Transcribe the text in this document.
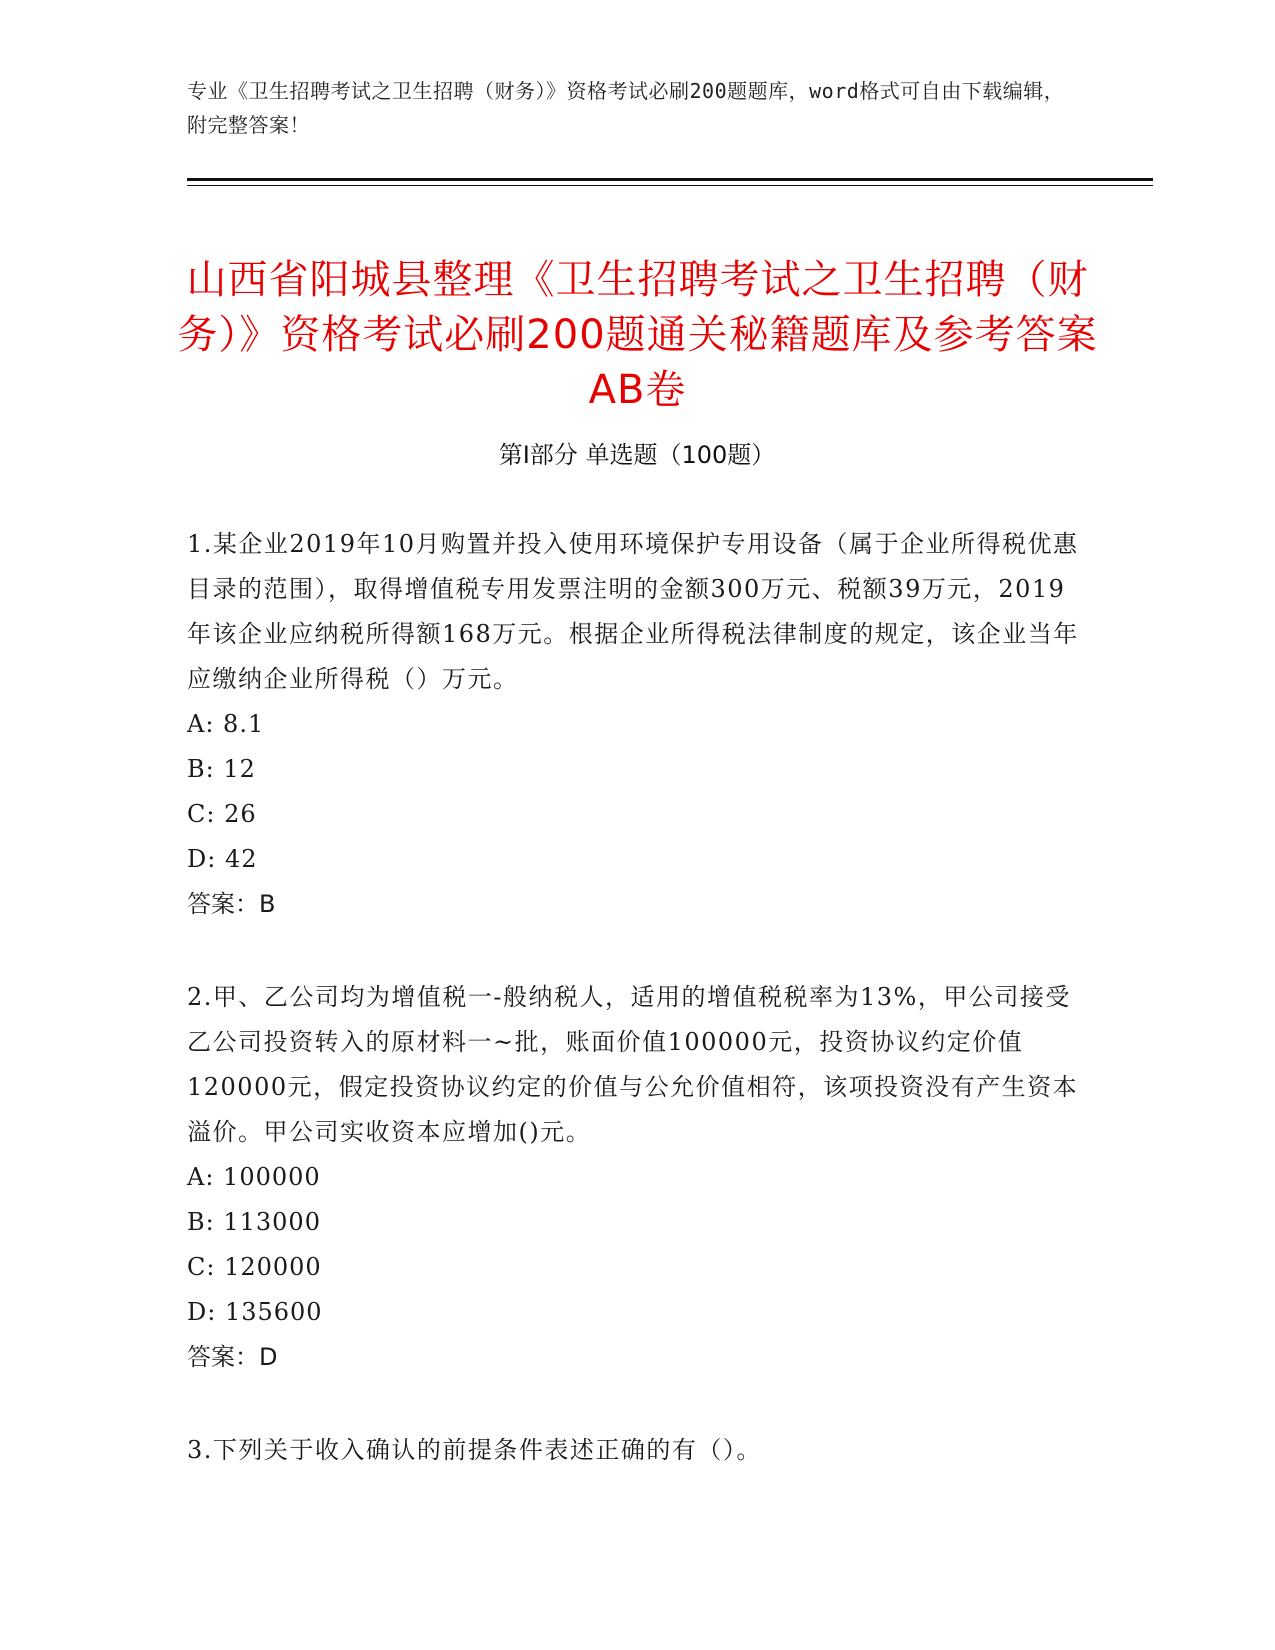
专业《卫生招聘考试之卫生招聘（财务）》资格考试必刷200题题库，word格式可自由下载编辑，附完整答案！
山西省阳城县整理《卫生招聘考试之卫生招聘（财务）》资格考试必刷200题通关秘籍题库及参考答案AB卷
第I部分 单选题（100题）

1.某企业2019年10月购置并投入使用环境保护专用设备（属于企业所得税优惠目录的范围），取得增值税专用发票注明的金额300万元、税额39万元，2019年该企业应纳税所得额168万元。根据企业所得税法律制度的规定，该企业当年应缴纳企业所得税（）万元。

A: 8.1

B: 12

C: 26

D: 42

答案：B

2.甲、乙公司均为增值税一-般纳税人，适用的增值税税率为13%，甲公司接受乙公司投资转入的原材料一~批，账面价值100000元，投资协议约定价值120000元，假定投资协议约定的价值与公允价值相符，该项投资没有产生资本溢价。甲公司实收资本应增加()元。

A: 100000

B: 113000

C: 120000

D: 135600

答案：D

3.下列关于收入确认的前提条件表述正确的有（）。
